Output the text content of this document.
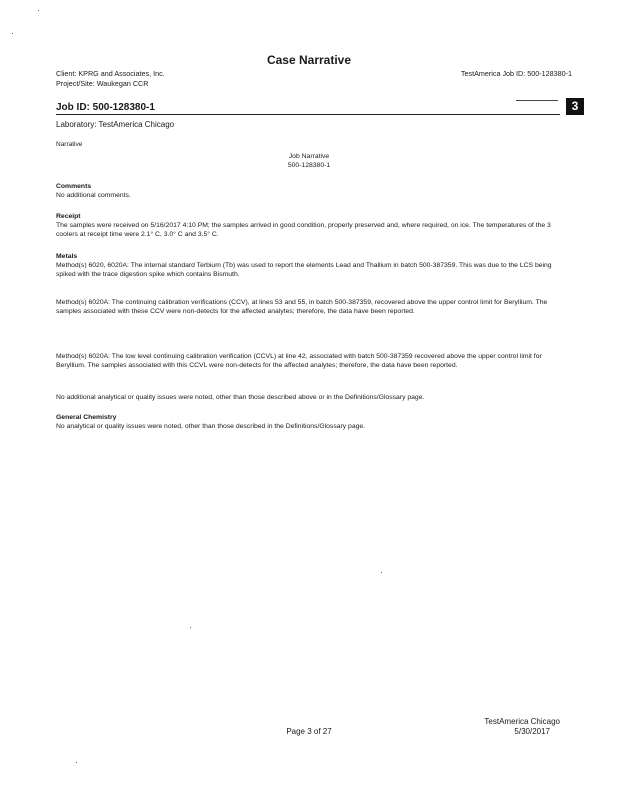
Case Narrative
Client: KPRG and Associates, Inc.
Project/Site: Waukegan CCR
TestAmerica Job ID: 500-128380-1
Job ID: 500-128380-1	3
Laboratory: TestAmerica Chicago
Narrative
Job Narrative
500-128380-1
Comments
No additional comments.
Receipt
The samples were received on 5/16/2017 4:10 PM; the samples arrived in good condition, properly preserved and, where required, on ice. The temperatures of the 3 coolers at receipt time were 2.1° C, 3.0° C and 3.5° C.
Metals
Method(s) 6020, 6020A: The internal standard Terbium (Tb) was used to report the elements Lead and Thallium in batch 500-387359. This was due to the LCS being spiked with the trace digestion spike which contains Bismuth.
Method(s) 6020A: The continuing calibration verifications (CCV), at lines 53 and 55, in batch 500-387359, recovered above the upper control limit for Beryllium. The samples associated with these CCV were non-detects for the affected analytes; therefore, the data have been reported.
Method(s) 6020A: The low level continuing calibration verification (CCVL) at line 42, associated with batch 500-387359 recovered above the upper control limit for Beryllium. The samples associated with this CCVL were non-detects for the affected analytes; therefore, the data have been reported.
No additional analytical or quality issues were noted, other than those described above or in the Definitions/Glossary page.
General Chemistry
No analytical or quality issues were noted, other than those described in the Definitions/Glossary page.
Page 3 of 27
TestAmerica Chicago
5/30/2017
